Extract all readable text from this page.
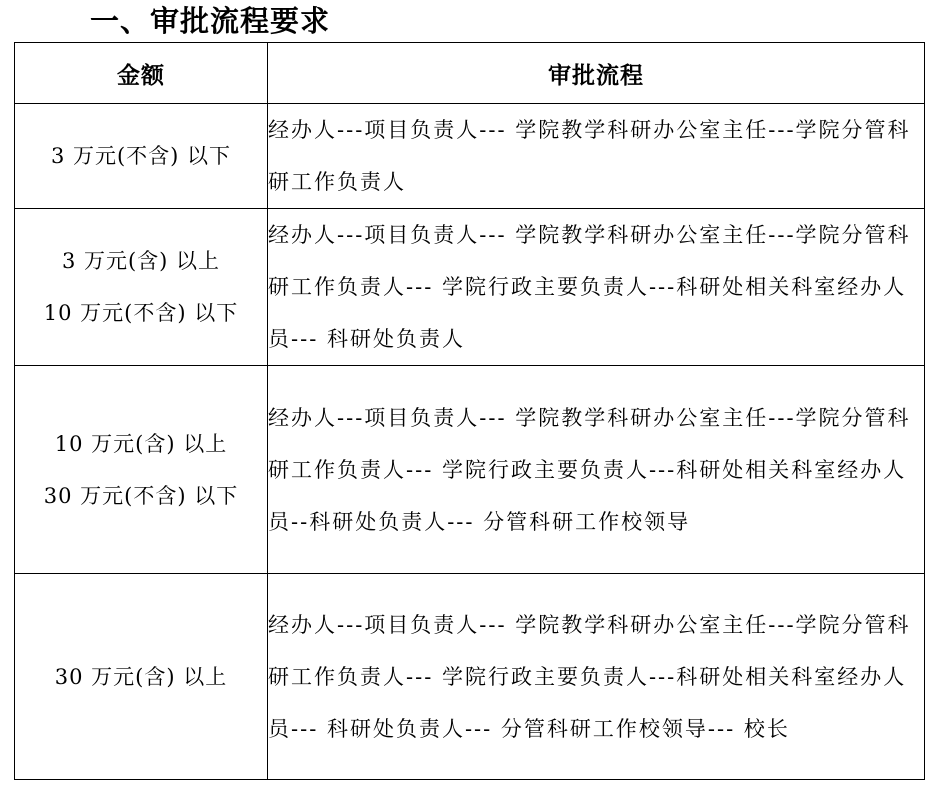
一、审批流程要求
金额	审批流程

3 万元(不含) 以下	经办人---项目负责人--- 学院教学科研办公室主任---学院分管科研工作负责人

3 万元(含) 以上
10 万元(不含) 以下	经办人---项目负责人--- 学院教学科研办公室主任---学院分管科研工作负责人--- 学院行政主要负责人---科研处相关科室经办人员--- 科研处负责人

10 万元(含) 以上
30 万元(不含) 以下	经办人---项目负责人--- 学院教学科研办公室主任---学院分管科研工作负责人--- 学院行政主要负责人---科研处相关科室经办人员--科研处负责人--- 分管科研工作校领导

30 万元(含) 以上	经办人---项目负责人--- 学院教学科研办公室主任---学院分管科研工作负责人--- 学院行政主要负责人---科研处相关科室经办人员--- 科研处负责人--- 分管科研工作校领导--- 校长
